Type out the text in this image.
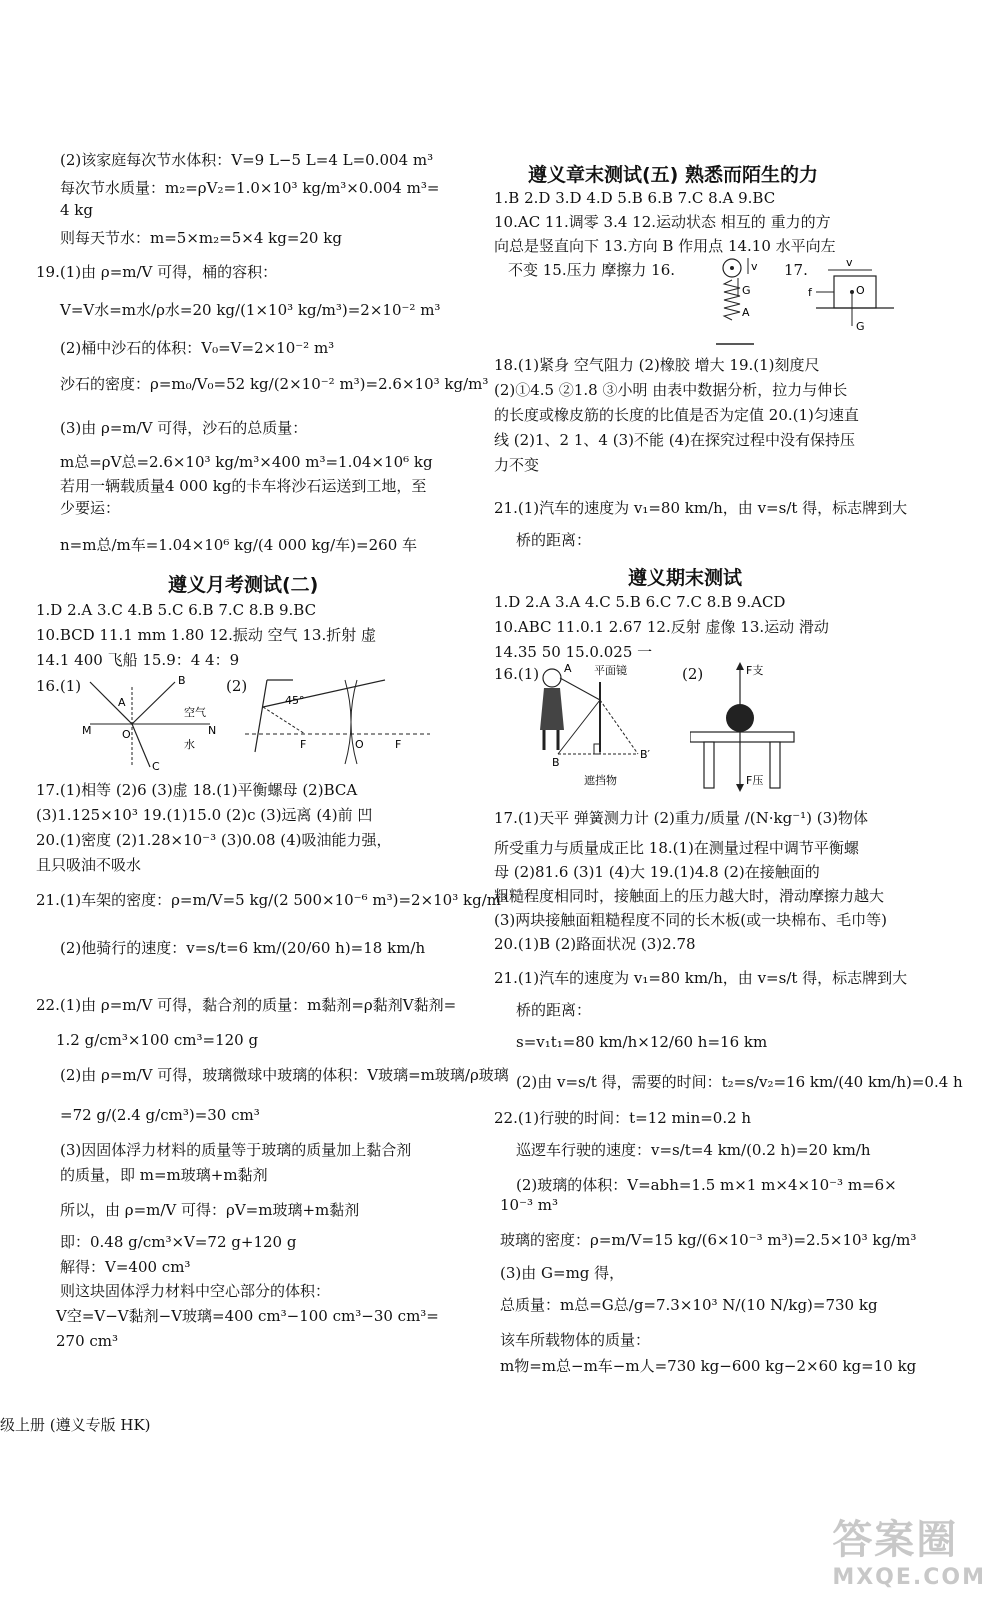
(2)该家庭每次节水体积：V=9 L−5 L=4 L=0.004 m³
每次节水质量：m₂=ρV₂=1.0×10³ kg/m³×0.004 m³=
4 kg
则每天节水：m=5×m₂=5×4 kg=20 kg
19.(1)由 ρ=m/V 可得，桶的容积：
V=V水=m水/ρ水=20 kg/(1×10³ kg/m³)=2×10⁻² m³
(2)桶中沙石的体积：V₀=V=2×10⁻² m³
沙石的密度：ρ=m₀/V₀=52 kg/(2×10⁻² m³)=2.6×10³ kg/m³
(3)由 ρ=m/V 可得，沙石的总质量：
m总=ρV总=2.6×10³ kg/m³×400 m³=1.04×10⁶ kg
若用一辆载质量4 000 kg的卡车将沙石运送到工地，至
少要运：
n=m总/m车=1.04×10⁶ kg/(4 000 kg/车)=260 车
遵义月考测试(二)
1.D 2.A 3.C 4.B 5.C 6.B 7.C 8.B 9.BC
10.BCD 11.1 mm 1.80 12.振动 空气 13.折射 虚
14.1 400 飞船 15.9：4 4：9
16.(1)	(2)
A
B
C
M	N
O
空气
水
45°
F	O	F
17.(1)相等 (2)6 (3)虚 18.(1)平衡螺母 (2)BCA
(3)1.125×10³ 19.(1)15.0 (2)c (3)远离 (4)前 凹
20.(1)密度 (2)1.28×10⁻³ (3)0.08 (4)吸油能力强，
且只吸油不吸水
21.(1)车架的密度：ρ=m/V=5 kg/(2 500×10⁻⁶ m³)=2×10³ kg/m³
(2)他骑行的速度：v=s/t=6 km/(20/60 h)=18 km/h
22.(1)由 ρ=m/V 可得，黏合剂的质量：m黏剂=ρ黏剂V黏剂=
1.2 g/cm³×100 cm³=120 g
(2)由 ρ=m/V 可得，玻璃微球中玻璃的体积：V玻璃=m玻璃/ρ玻璃
=72 g/(2.4 g/cm³)=30 cm³
(3)因固体浮力材料的质量等于玻璃的质量加上黏合剂
的质量，即 m=m玻璃+m黏剂
所以，由 ρ=m/V 可得：ρV=m玻璃+m黏剂
即：0.48 g/cm³×V=72 g+120 g
解得：V=400 cm³
则这块固体浮力材料中空心部分的体积：
V空=V−V黏剂−V玻璃=400 cm³−100 cm³−30 cm³=
270 cm³
遵义章末测试(五) 熟悉而陌生的力
1.B 2.D 3.D 4.D 5.B 6.B 7.C 8.A 9.BC
10.AC 11.调零 3.4 12.运动状态 相互的 重力的方
向总是竖直向下 13.方向 B 作用点 14.10 水平向左
不变 15.压力 摩擦力 16.
G
A
v 17.	v
f	O
G
18.(1)紧身 空气阻力 (2)橡胶 增大 19.(1)刻度尺
(2)①4.5 ②1.8 ③小明 由表中数据分析，拉力与伸长
的长度或橡皮筋的长度的比值是否为定值 20.(1)匀速直
线 (2)1、2 1、4 (3)不能 (4)在探究过程中没有保持压
力不变
21.(1)汽车的速度为 v₁=80 km/h，由 v=s/t 得，标志牌到大
桥的距离：
遵义期末测试
1.D 2.A 3.A 4.C 5.B 6.C 7.C 8.B 9.ACD
10.ABC 11.0.1 2.67 12.反射 虚像 13.运动 滑动
14.35 50 15.0.025 一
16.(1)	(2)
A
B
B′
平面镜
遮挡物
F支
F压
17.(1)天平 弹簧测力计 (2)重力/质量 /(N·kg⁻¹) (3)物体
所受重力与质量成正比 18.(1)在测量过程中调节平衡螺
母 (2)81.6 (3)1 (4)大 19.(1)4.8 (2)在接触面的
粗糙程度相同时，接触面上的压力越大时，滑动摩擦力越大
(3)两块接触面粗糙程度不同的长木板(或一块棉布、毛巾等)
20.(1)B (2)路面状况 (3)2.78
21.(1)汽车的速度为 v₁=80 km/h，由 v=s/t 得，标志牌到大
桥的距离：
s=v₁t₁=80 km/h×12/60 h=16 km
(2)由 v=s/t 得，需要的时间：t₂=s/v₂=16 km/(40 km/h)=0.4 h
22.(1)行驶的时间：t=12 min=0.2 h
巡逻车行驶的速度：v=s/t=4 km/(0.2 h)=20 km/h
(2)玻璃的体积：V=abh=1.5 m×1 m×4×10⁻³ m=6×
10⁻³ m³
玻璃的密度：ρ=m/V=15 kg/(6×10⁻³ m³)=2.5×10³ kg/m³
(3)由 G=mg 得，
总质量：m总=G总/g=7.3×10³ N/(10 N/kg)=730 kg
该车所载物体的质量：
m物=m总−m车−m人=730 kg−600 kg−2×60 kg=10 kg
级上册 (遵义专版 HK)
答案圈
MXQE.COM
